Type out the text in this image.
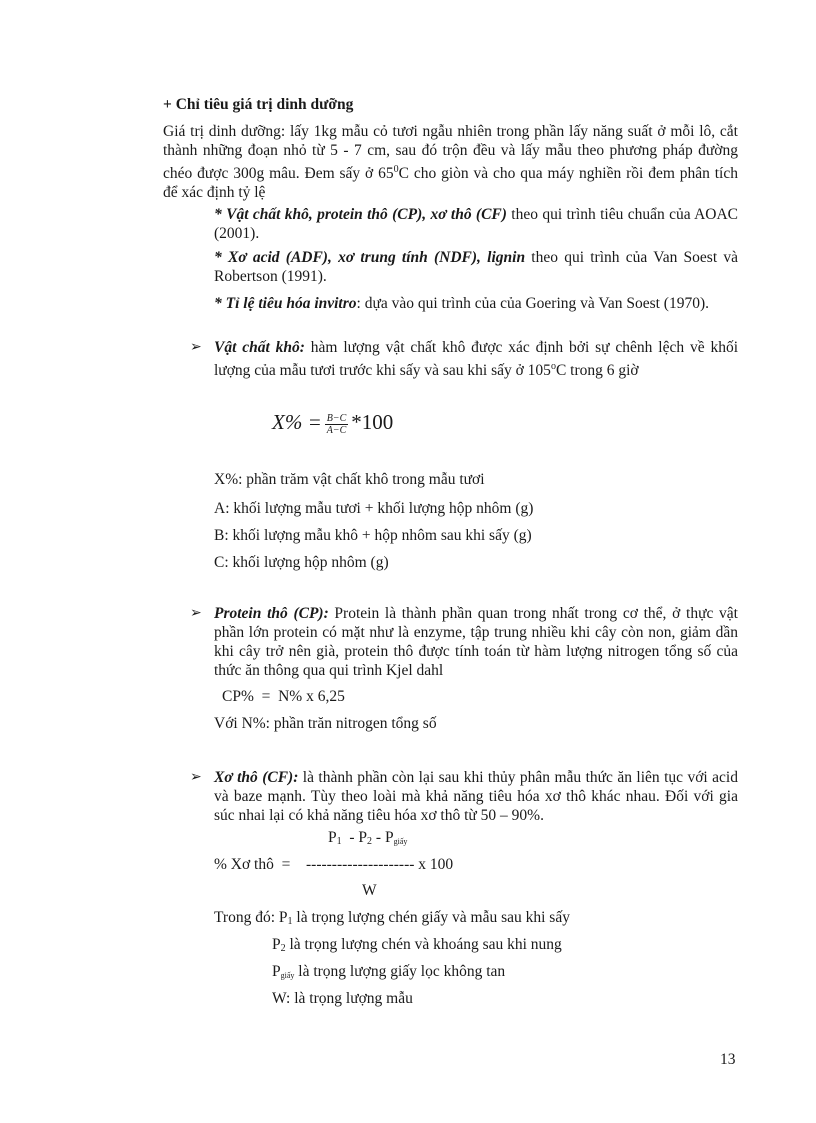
+ Chỉ tiêu giá trị dinh dưỡng
Giá trị dinh dưỡng: lấy 1kg mẫu cỏ tươi ngẫu nhiên trong phần lấy năng suất ở mỗi lô, cắt thành những đoạn nhỏ từ 5 - 7 cm, sau đó trộn đều và lấy mẫu theo phương pháp đường chéo được 300g mâu. Đem sấy ở $65^0C$ cho giòn và cho qua máy nghiền rồi đem phân tích để xác định tỷ lệ
* Vật chất khô, protein thô (CP), xơ thô (CF) theo qui trình tiêu chuẩn của AOAC (2001).
* Xơ acid (ADF), xơ trung tính (NDF), lignin theo qui trình của Van Soest và Robertson (1991).
* Tỉ lệ tiêu hóa invitro: dựa vào qui trình của của Goering và Van Soest (1970).
➢ Vật chất khô: hàm lượng vật chất khô được xác định bởi sự chênh lệch về khối lượng của mẫu tươi trước khi sấy và sau khi sấy ở 105$^o$C trong 6 giờ
$X\% = \frac{B-C}{A-C} *100$
X%: phần trăm vật chất khô trong mẫu tươi
A: khối lượng mẫu tươi + khối lượng hộp nhôm (g)
B: khối lượng mẫu khô + hộp nhôm sau khi sấy (g)
C: khối lượng hộp nhôm (g)
➢ Protein thô (CP): Protein là thành phần quan trong nhất trong cơ thể, ở thực vật phần lớn protein có mặt như là enzyme, tập trung nhiều khi cây còn non, giảm dần khi cây trở nên già, protein thô được tính toán từ hàm lượng nitrogen tổng số của thức ăn thông qua qui trình Kjel dahl
CP%  =  N% x 6,25
Với N%: phần trăn nitrogen tổng số
➢ Xơ thô (CF): là thành phần còn lại sau khi thủy phân mẫu thức ăn liên tục với acid và baze mạnh. Tùy theo loài mà khả năng tiêu hóa xơ thô khác nhau. Đối với gia súc nhai lại có khả năng tiêu hóa xơ thô từ 50 – 90%.
$P_1 - P_2$ - Pgiấy
% Xơ thô  = --------------------- x 100
W
Trong đó: $P_1$ là trọng lượng chén giấy và mẫu sau khi sấy
$P_2$ là trọng lượng chén và khoáng sau khi nung
Pgiấy là trọng lượng giấy lọc không tan
W: là trọng lượng mẫu
13
